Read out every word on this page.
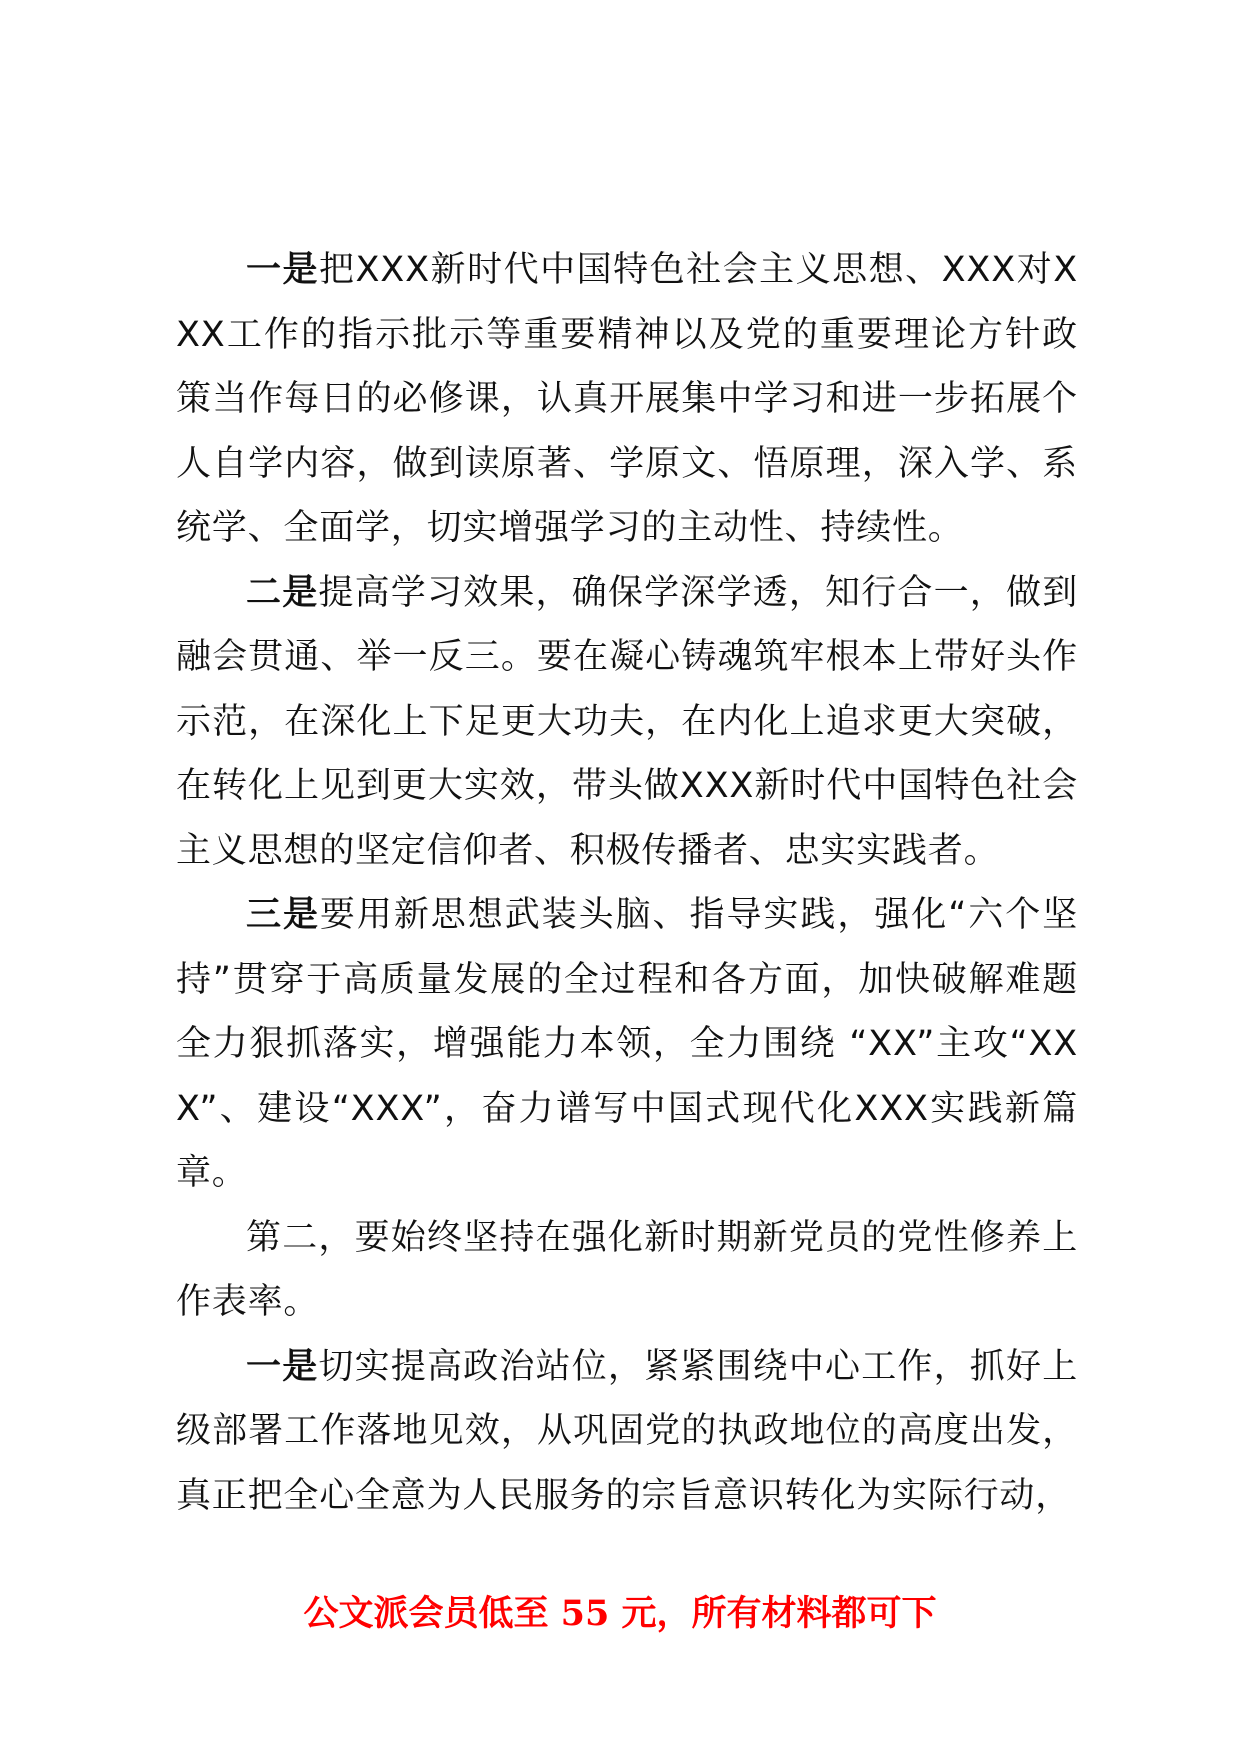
一是把XXX新时代中国特色社会主义思想、XXX对XXX工作的指示批示等重要精神以及党的重要理论方针政策当作每日的必修课，认真开展集中学习和进一步拓展个人自学内容，做到读原著、学原文、悟原理，深入学、系统学、全面学，切实增强学习的主动性、持续性。

二是提高学习效果，确保学深学透，知行合一，做到融会贯通、举一反三。要在凝心铸魂筑牢根本上带好头作示范，在深化上下足更大功夫，在内化上追求更大突破，在转化上见到更大实效，带头做XXX新时代中国特色社会主义思想的坚定信仰者、积极传播者、忠实实践者。

三是要用新思想武装头脑、指导实践，强化“六个坚持”贯穿于高质量发展的全过程和各方面，加快破解难题全力狠抓落实，增强能力本领，全力围绕 “XX”主攻“XXX”、建设“XXX”，奋力谱写中国式现代化XXX实践新篇章。

第二，要始终坚持在强化新时期新党员的党性修养上作表率。

一是切实提高政治站位，紧紧围绕中心工作，抓好上级部署工作落地见效，从巩固党的执政地位的高度出发，真正把全心全意为人民服务的宗旨意识转化为实际行动，

公文派会员低至 55 元，所有材料都可下
